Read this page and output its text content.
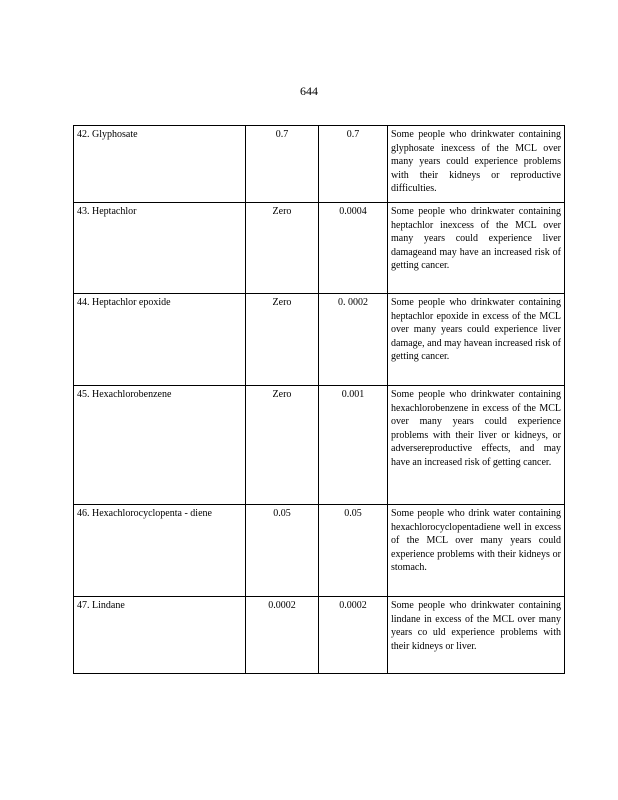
644
42. Glyphosate	0.7	0.7	Some people who drinkwater containing glyphosate inexcess of the MCL over many years could experience problems with their kidneys or reproductive difficulties.
43. Heptachlor	Zero	0.0004	Some people who drinkwater containing heptachlor inexcess of the MCL over many years could experience liver damageand may have an increased risk of getting cancer.
44. Heptachlor epoxide	Zero	0. 0002	Some people who drinkwater containing heptachlor epoxide in excess of the MCL over many years could experience liver damage, and may havean increased risk of getting cancer.
45. Hexachlorobenzene	Zero	0.001	Some people who drinkwater containing hexachlorobenzene in excess of the MCL over many years could experience problems with their liver or kidneys, or adversereproductive effects, and may have an increased risk of getting cancer.
46. Hexachlorocyclopenta - diene	0.05	0.05	Some people who drink water containing hexachlorocyclopentadiene well in excess of the MCL over many years could experience problems with their kidneys or stomach.
47. Lindane	0.0002	0.0002	Some people who drinkwater containing lindane in excess of the MCL over many years co uld experience problems with their kidneys or liver.
